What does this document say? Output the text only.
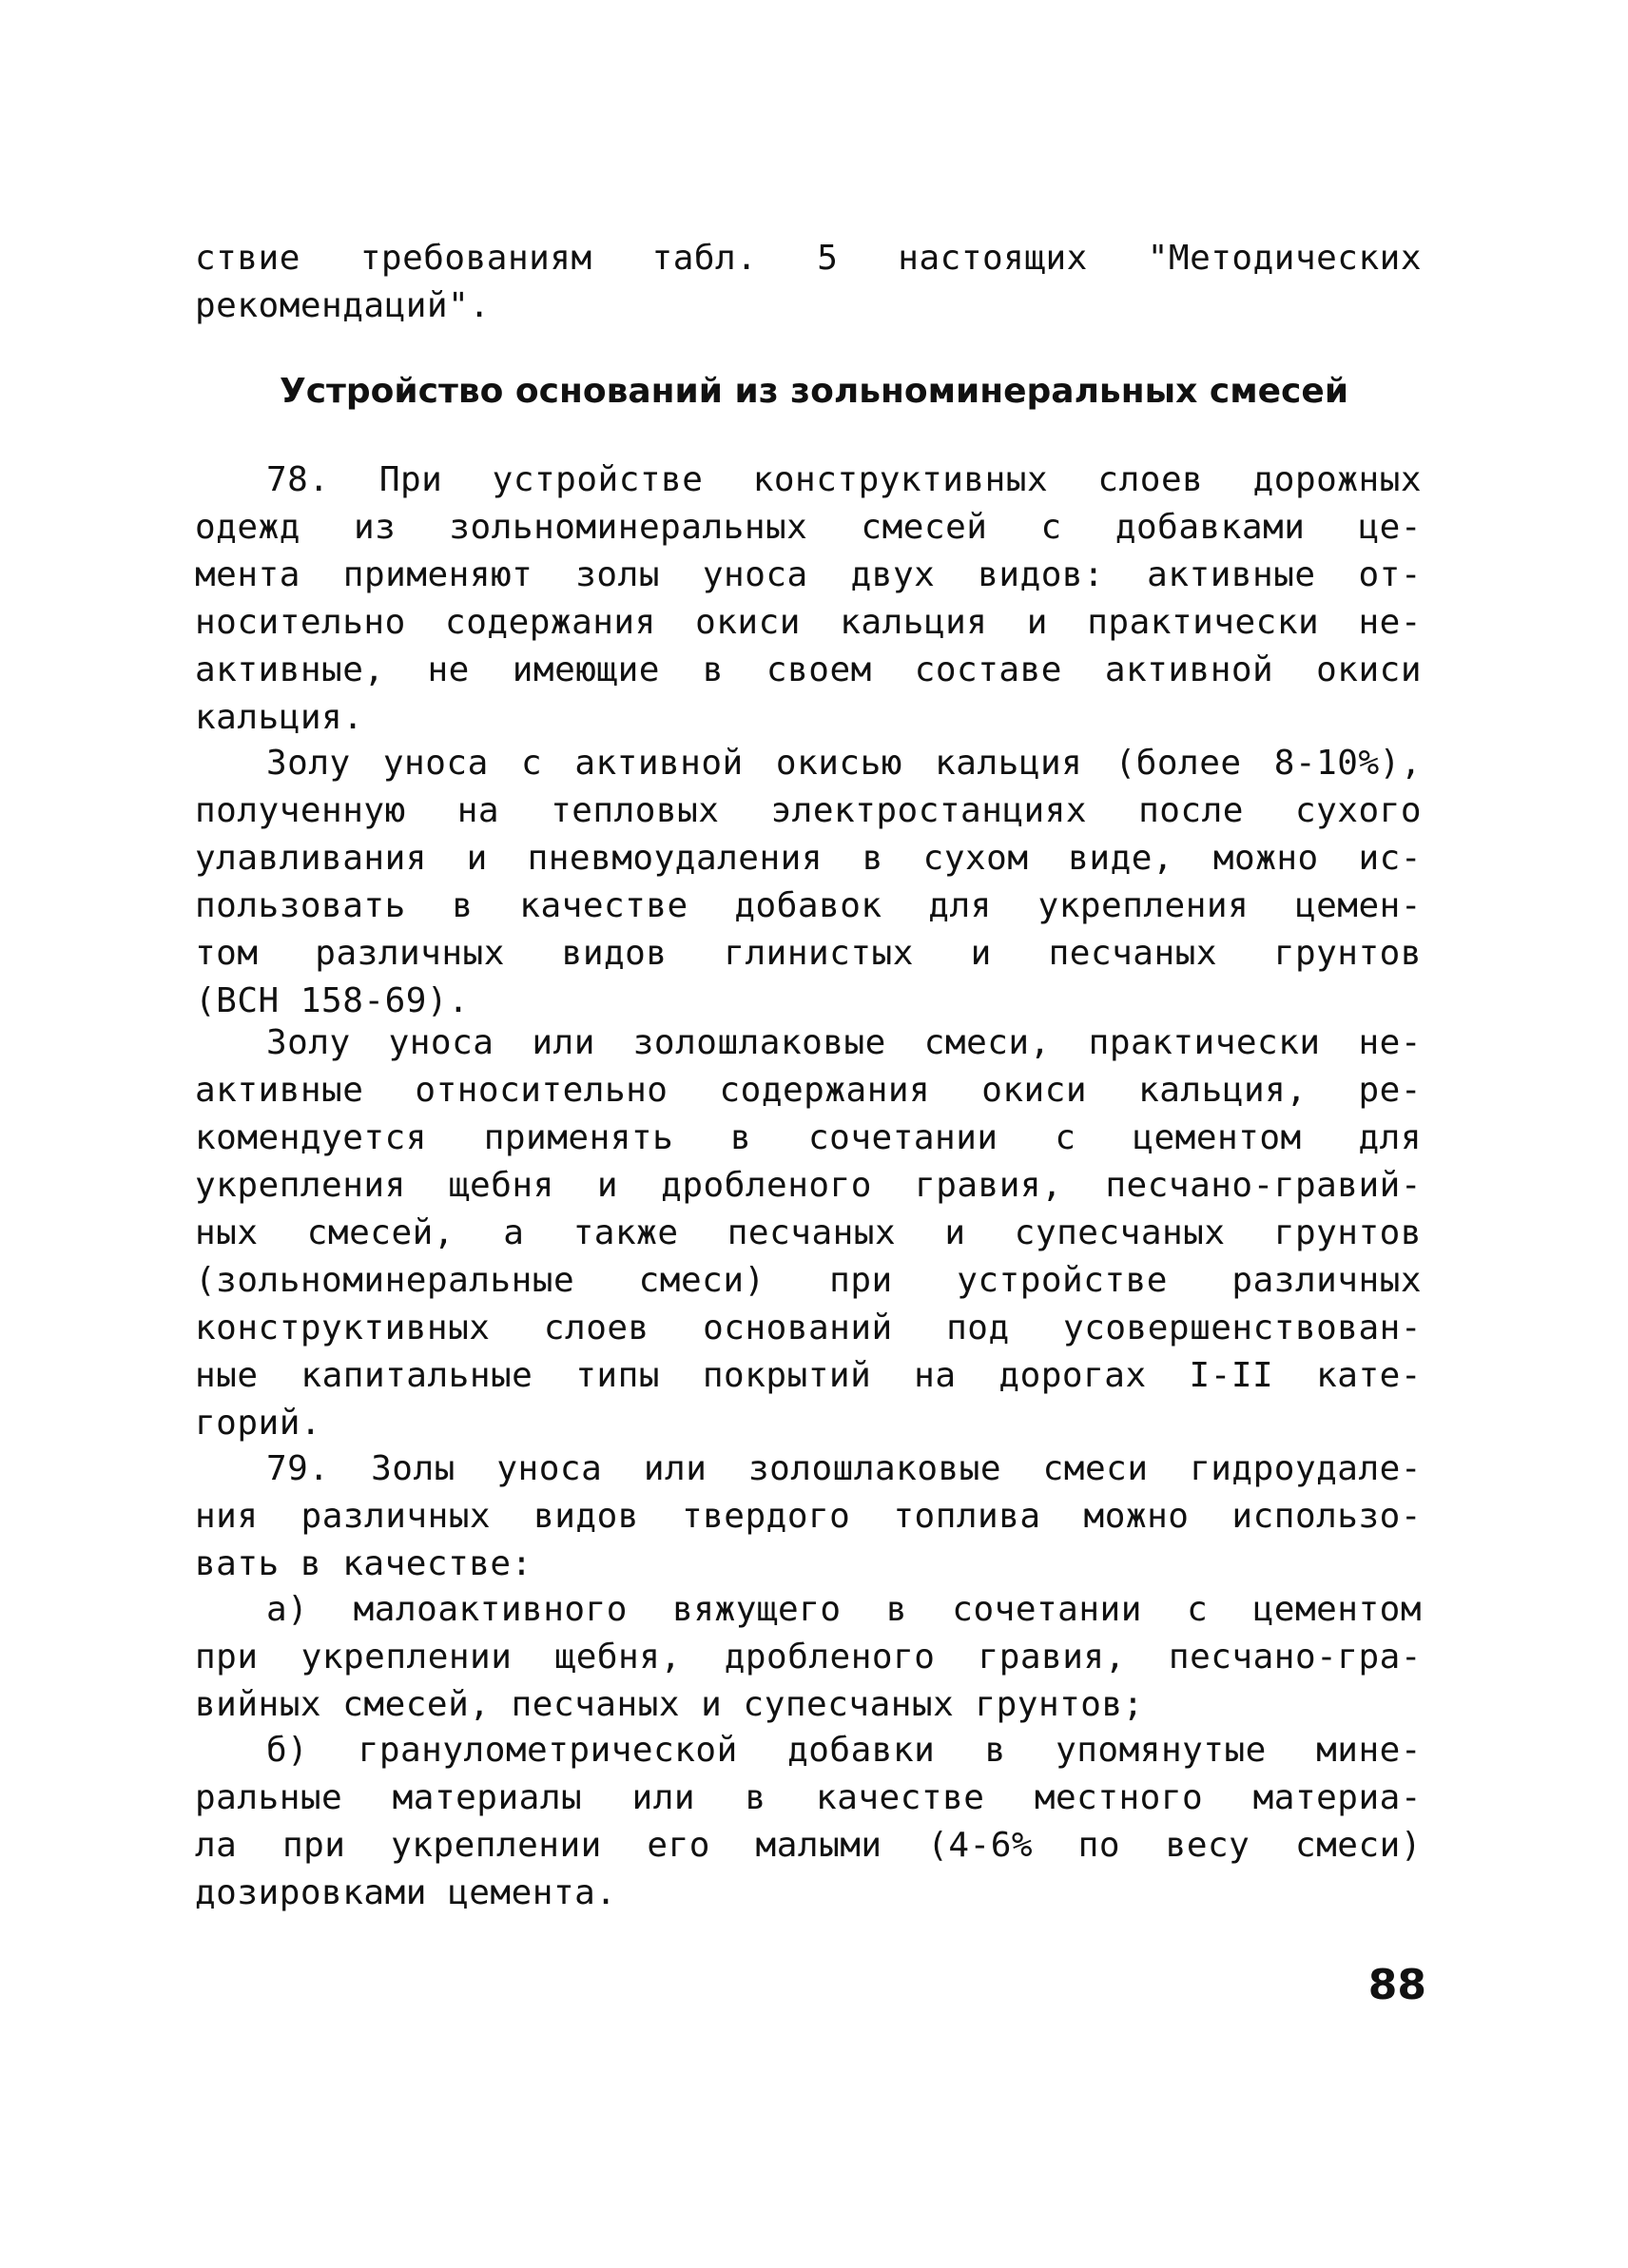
ствие требованиям табл. 5 настоящих "Методических
рекомендаций".
Устройство оснований из зольноминеральных смесей
78. При устройстве конструктивных слоев дорожных
одежд из зольноминеральных смесей с добавками це-
мента применяют золы уноса двух видов: активные от-
носительно содержания окиси кальция и практически не-
активные, не имеющие в своем составе активной окиси
кальция.
Золу уноса с активной окисью кальция (более 8-10%),
полученную на тепловых электростанциях после сухого
улавливания и пневмоудаления в сухом виде, можно ис-
пользовать в качестве добавок для укрепления цемен-
том различных видов глинистых и песчаных грунтов
(ВСН 158-69).
Золу уноса или золошлаковые смеси, практически не-
активные относительно содержания окиси кальция, ре-
комендуется применять в сочетании с цементом для
укрепления щебня и дробленого гравия, песчано-гравий-
ных смесей, а также песчаных и супесчаных грунтов
(зольноминеральные смеси) при устройстве различных
конструктивных слоев оснований под усовершенствован-
ные капитальные типы покрытий на дорогах I-II кате-
горий.
79. Золы уноса или золошлаковые смеси гидроудале-
ния различных видов твердого топлива можно использо-
вать в качестве:
а) малоактивного вяжущего в сочетании с цементом
при укреплении щебня, дробленого гравия, песчано-гра-
вийных смесей, песчаных и супесчаных грунтов;
б) гранулометрической добавки в упомянутые мине-
ральные материалы или в качестве местного материа-
ла при укреплении его малыми (4-6% по весу смеси)
дозировками цемента.
88
